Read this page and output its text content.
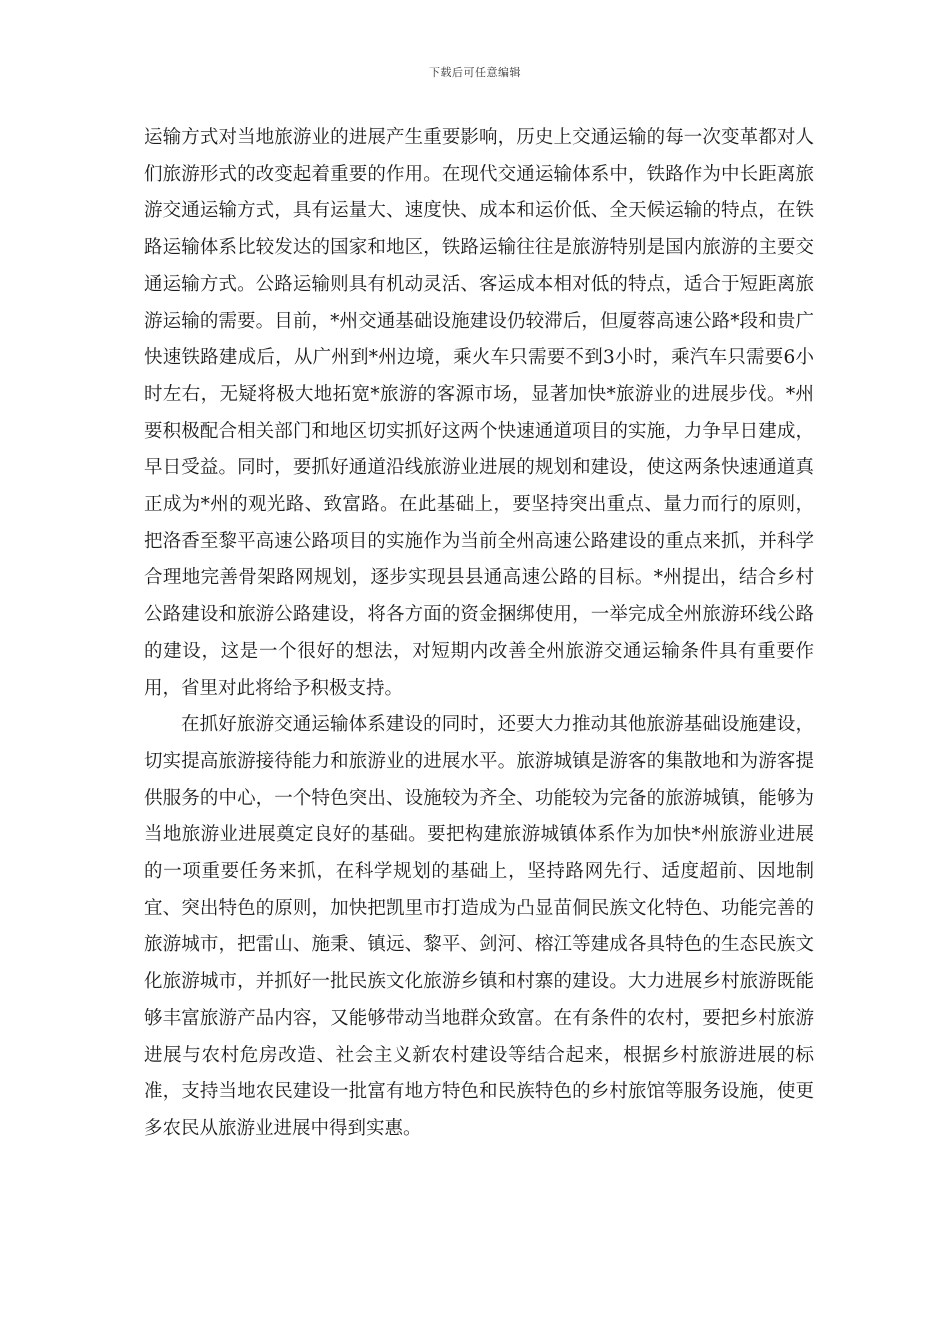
下载后可任意编辑

运输方式对当地旅游业的进展产生重要影响，历史上交通运输的每一次变革都对人们旅游形式的改变起着重要的作用。在现代交通运输体系中，铁路作为中长距离旅游交通运输方式，具有运量大、速度快、成本和运价低、全天候运输的特点，在铁路运输体系比较发达的国家和地区，铁路运输往往是旅游特别是国内旅游的主要交通运输方式。公路运输则具有机动灵活、客运成本相对低的特点，适合于短距离旅游运输的需要。目前，*州交通基础设施建设仍较滞后，但厦蓉高速公路*段和贵广快速铁路建成后，从广州到*州边境，乘火车只需要不到3小时，乘汽车只需要6小时左右，无疑将极大地拓宽*旅游的客源市场，显著加快*旅游业的进展步伐。*州要积极配合相关部门和地区切实抓好这两个快速通道项目的实施，力争早日建成，早日受益。同时，要抓好通道沿线旅游业进展的规划和建设，使这两条快速通道真正成为*州的观光路、致富路。在此基础上，要坚持突出重点、量力而行的原则，把洛香至黎平高速公路项目的实施作为当前全州高速公路建设的重点来抓，并科学合理地完善骨架路网规划，逐步实现县县通高速公路的目标。*州提出，结合乡村公路建设和旅游公路建设，将各方面的资金捆绑使用，一举完成全州旅游环线公路的建设，这是一个很好的想法，对短期内改善全州旅游交通运输条件具有重要作用，省里对此将给予积极支持。

在抓好旅游交通运输体系建设的同时，还要大力推动其他旅游基础设施建设，切实提高旅游接待能力和旅游业的进展水平。旅游城镇是游客的集散地和为游客提供服务的中心，一个特色突出、设施较为齐全、功能较为完备的旅游城镇，能够为当地旅游业进展奠定良好的基础。要把构建旅游城镇体系作为加快*州旅游业进展的一项重要任务来抓，在科学规划的基础上，坚持路网先行、适度超前、因地制宜、突出特色的原则，加快把凯里市打造成为凸显苗侗民族文化特色、功能完善的旅游城市，把雷山、施秉、镇远、黎平、剑河、榕江等建成各具特色的生态民族文化旅游城市，并抓好一批民族文化旅游乡镇和村寨的建设。大力进展乡村旅游既能够丰富旅游产品内容，又能够带动当地群众致富。在有条件的农村，要把乡村旅游进展与农村危房改造、社会主义新农村建设等结合起来，根据乡村旅游进展的标准，支持当地农民建设一批富有地方特色和民族特色的乡村旅馆等服务设施，使更多农民从旅游业进展中得到实惠。
